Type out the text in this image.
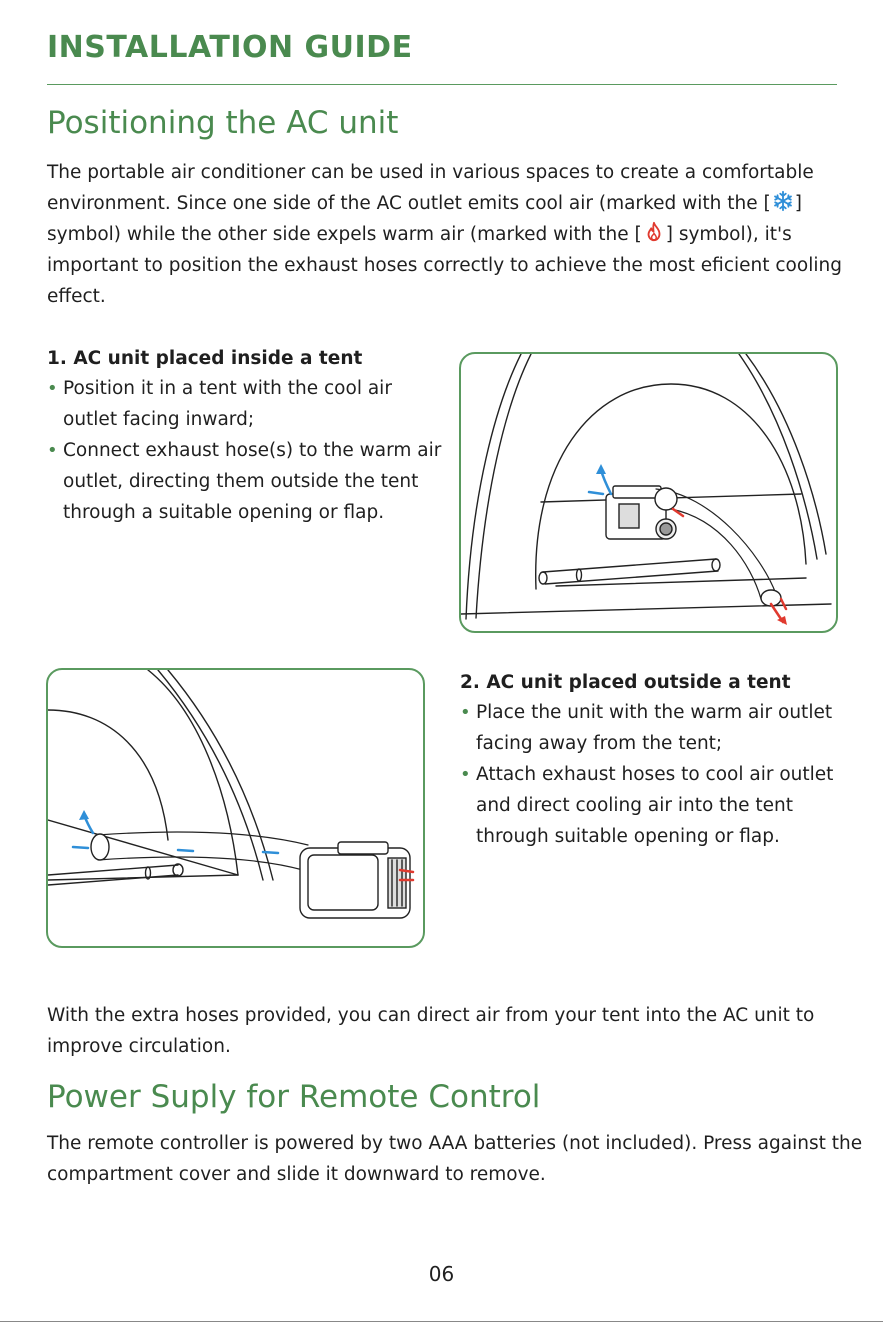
INSTALLATION GUIDE
Positioning the AC unit

The portable air conditioner can be used in various spaces to create a comfortable environment. Since one side of the AC outlet emits cool air (marked with the [ ] symbol) while the other side expels warm air (marked with the [ ] symbol), it's important to position the exhaust hoses correctly to achieve the most eficient cooling effect.

1. AC unit placed inside a tent

• Position it in a tent with the cool air outlet facing inward;
• Connect exhaust hose(s) to the warm air outlet, directing them outside the tent through a suitable opening or flap.

2. AC unit placed outside a tent

• Place the unit with the warm air outlet facing away from the tent;
• Attach exhaust hoses to cool air outlet and direct cooling air into the tent through suitable opening or flap.

With the extra hoses provided, you can direct air from your tent into the AC unit to improve circulation.

Power Suply for Remote Control

The remote controller is powered by two AAA batteries (not included). Press against the compartment cover and slide it downward to remove.

06
